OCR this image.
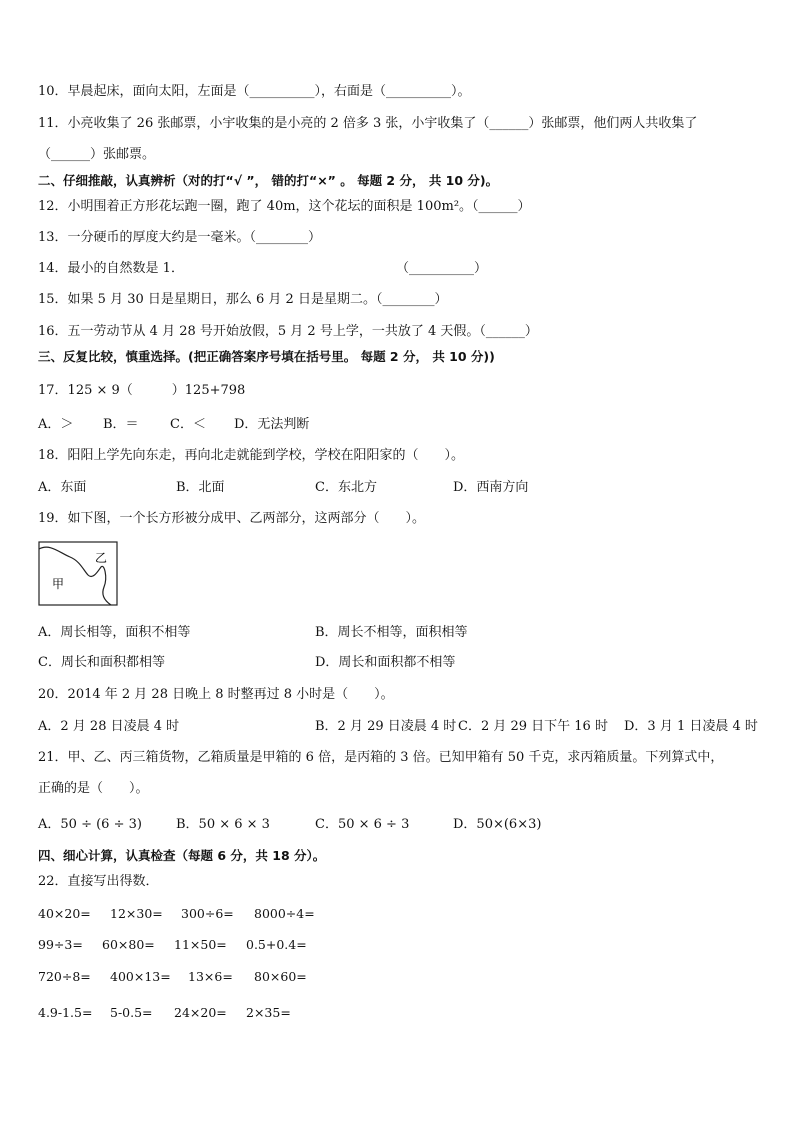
10．早晨起床，面向太阳，左面是（__________），右面是（__________）。
11．小亮收集了 26 张邮票，小宇收集的是小亮的 2 倍多 3 张，小宇收集了（______）张邮票，他们两人共收集了
（______）张邮票。
二、仔细推敲，认真辨析（对的打“√ ”， 错的打“×” 。 每题 2 分， 共 10 分)。
12．小明围着正方形花坛跑一圈，跑了 40m，这个花坛的面积是 100m²。（______）
13．一分硬币的厚度大约是一毫米。（________）
14．最小的自然数是 1．	（__________）
15．如果 5 月 30 日是星期日，那么 6 月 2 日是星期二。（________）
16．五一劳动节从 4 月 28 号开始放假，5 月 2 号上学，一共放了 4 天假。（______）
三、反复比较，慎重选择。(把正确答案序号填在括号里。 每题 2 分， 共 10 分))
17．125 × 9（　　　）125+798
A．＞ B．＝ C．＜ D．无法判断
18．阳阳上学先向东走，再向北走就能到学校，学校在阳阳家的（　　）。
A．东面	B．北面	C．东北方	D．西南方向
19．如下图，一个长方形被分成甲、乙两部分，这两部分（　　）。
甲
乙
A．周长相等，面积不相等	B．周长不相等，面积相等
C．周长和面积都相等	D．周长和面积都不相等
20．2014 年 2 月 28 日晚上 8 时整再过 8 小时是（　　）。
A．2 月 28 日凌晨 4 时	B．2 月 29 日凌晨 4 时 C．2 月 29 日下午 16 时 D．3 月 1 日凌晨 4 时
21．甲、乙、丙三箱货物，乙箱质量是甲箱的 6 倍，是丙箱的 3 倍。已知甲箱有 50 千克，求丙箱质量。下列算式中，
正确的是（　　）。
A．50 ÷ (6 ÷ 3)	B．50 × 6 × 3	C．50 × 6 ÷ 3	D．50×(6×3)
四、细心计算，认真检查（每题 6 分，共 18 分）。
22．直接写出得数．
40×20= 12×30= 300÷6= 8000÷4=
99÷3= 60×80= 11×50= 0.5+0.4=
720÷8= 400×13= 13×6= 80×60=
4.9-1.5= 5-0.5= 24×20= 2×35=
